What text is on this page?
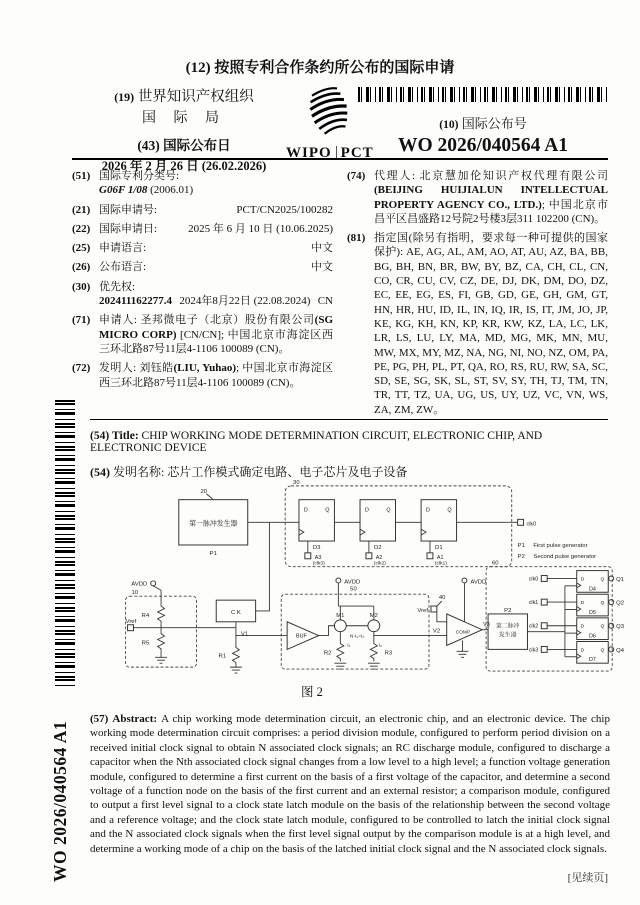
(12) 按照专利合作条约所公布的国际申请
(19) 世界知识产权组织
国 际 局
(43) 国际公布日
2026 年 2 月 26 日 (26.02.2026)
WIPO PCT
(10) 国际公布号
WO 2026/040564 A1
(51) 国际专利分类号:
G06F 1/08 (2006.01)
(21) 国际申请号:	PCT/CN2025/100282
(22) 国际申请日:	2025 年 6 月 10 日 (10.06.2025)
(25) 申请语言:	中文
(26) 公布语言:	中文
(30) 优先权:
202411162277.4 2024年8月22日 (22.08.2024) CN
(71) 申请人: 圣邦微电子（北京）股份有限公司(SG MICRO CORP) [CN/CN]; 中国北京市海淀区西三环北路87号11层4-1106 100089 (CN)。
(72) 发明人: 刘钰皓(LIU, Yuhao); 中国北京市海淀区西三环北路87号11层4-1106 100089 (CN)。
(74) 代理人: 北京慧加伦知识产权代理有限公司 (BEIJING HUIJIALUN INTELLECTUAL PROPERTY AGENCY CO., LTD.); 中国北京市昌平区昌盛路12号院2号楼3层311 102200 (CN)。
(81) 指定国(除另有指明，要求每一种可提供的国家保护): AE, AG, AL, AM, AO, AT, AU, AZ, BA, BB, BG, BH, BN, BR, BW, BY, BZ, CA, CH, CL, CN, CO, CR, CU, CV, CZ, DE, DJ, DK, DM, DO, DZ, EC, EE, EG, ES, FI, GB, GD, GE, GH, GM, GT, HN, HR, HU, ID, IL, IN, IQ, IR, IS, IT, JM, JO, JP, KE, KG, KH, KN, KP, KR, KW, KZ, LA, LC, LK, LR, LS, LU, LY, MA, MD, MG, MK, MN, MU, MW, MX, MY, MZ, NA, NG, NI, NO, NZ, OM, PA, PE, PG, PH, PL, PT, QA, RO, RS, RU, RW, SA, SC, SD, SE, SG, SK, SL, ST, SV, SY, TH, TJ, TM, TN, TR, TT, TZ, UA, UG, US, UY, UZ, VC, VN, WS, ZA, ZM, ZW。
(54) Title: CHIP WORKING MODE DETERMINATION CIRCUIT, ELECTRONIC CHIP, AND ELECTRONIC DEVICE
(54) 发明名称: 芯片工作模式确定电路、电子芯片及电子设备
20
第一脉冲发生器
P1
30
D	Q
D3
A3
(clk3)
D	Q
D2
A2
(clk2)
D	Q
D1
A1
(clk1)
clk0
P1 First pulse generator
P2 Second pulse generator
AVDD
10
R4
Vref
R5
C K
V1
R1
AVDD
50
BUF
M1	M2
R2	R3
I₁
N·I₁=I₂
I₂
V2
AVDD
40
Vref
COMP
V3
60
P2
第二脉冲
发生器
clk0	D	Q
D4
Q1
clk1	D	Q
D5
Q2
clk2	D	Q
D6
Q3
clk3	D	Q
D7
Q4
图 2
(57) Abstract: A chip working mode determination circuit, an electronic chip, and an electronic device. The chip working mode determination circuit comprises: a period division module, configured to perform period division on a received initial clock signal to obtain N associated clock signals; an RC discharge module, configured to discharge a capacitor when the Nth associated clock signal changes from a low level to a high level; a function voltage generation module, configured to determine a first current on the basis of a first voltage of the capacitor, and determine a second voltage of a function node on the basis of the first current and an external resistor; a comparison module, configured to output a first level signal to a clock state latch module on the basis of the relationship between the second voltage and a reference voltage; and the clock state latch module, configured to be controlled to latch the initial clock signal and the N associated clock signals when the first level signal output by the comparison module is at a high level, and determine a working mode of a chip on the basis of the latched initial clock signal and the N associated clock signals.
WO 2026/040564 A1	[见续页]
